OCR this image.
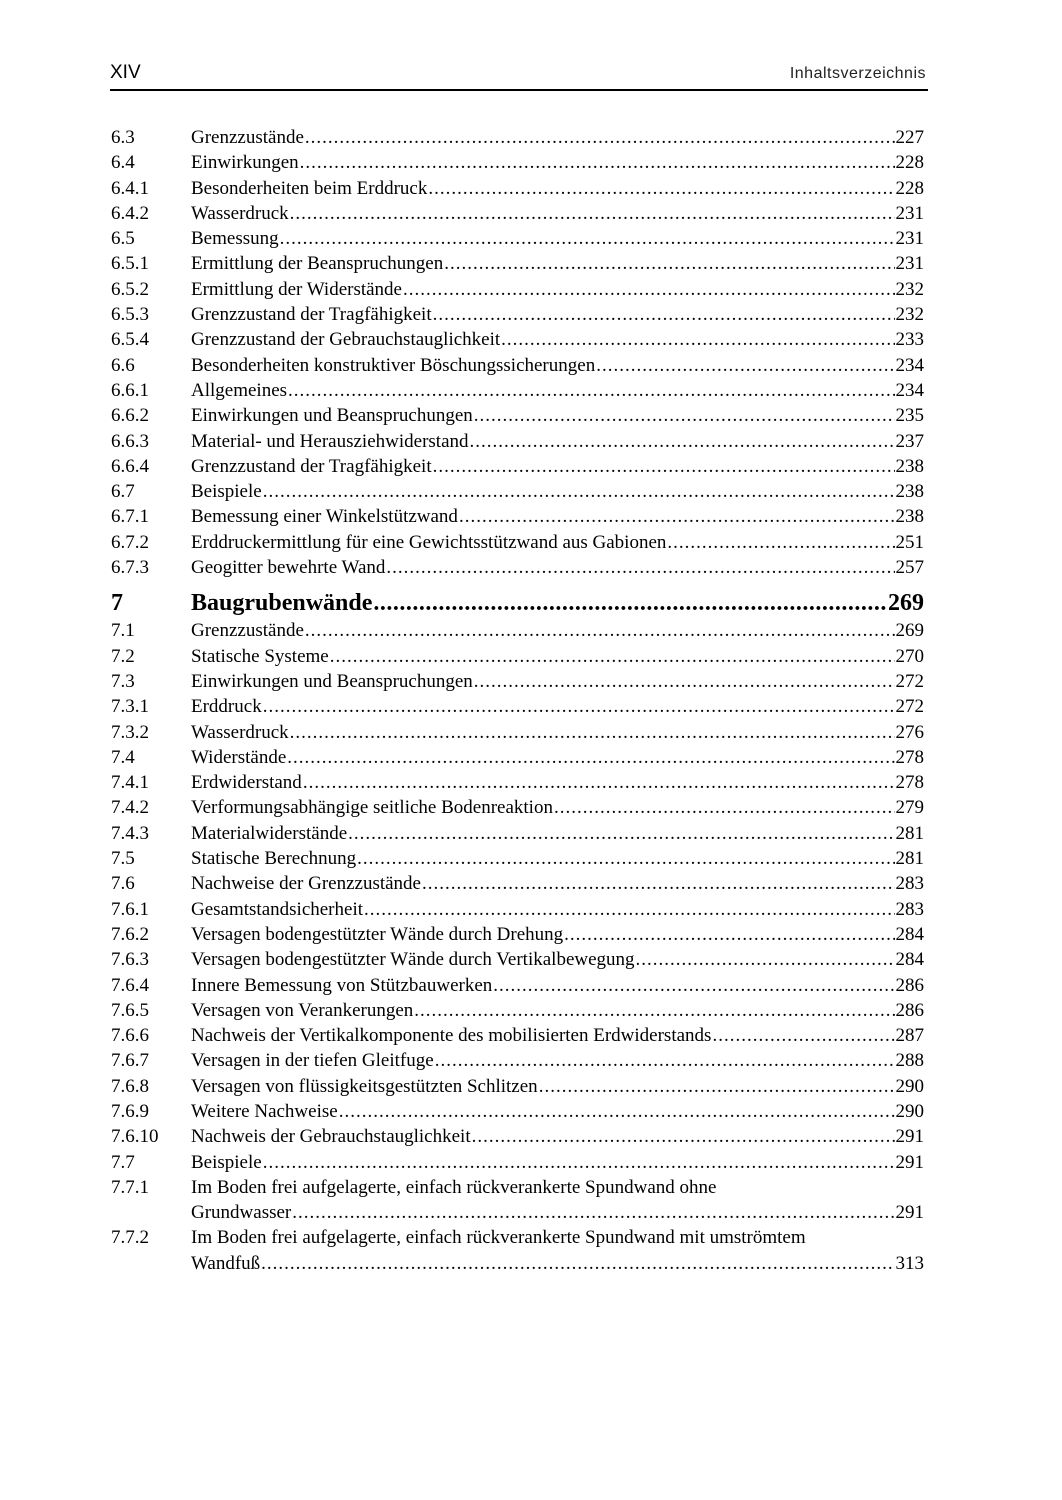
XIV	Inhaltsverzeichnis
6.3	Grenzzustände .....	227
6.4	Einwirkungen .....	228
6.4.1 Besonderheiten beim Erddruck .....	228
6.4.2 Wasserdruck .....	231
6.5	Bemessung .....	231
6.5.1 Ermittlung der Beanspruchungen .....	231
6.5.2 Ermittlung der Widerstände .....	232
6.5.3 Grenzzustand der Tragfähigkeit .....	232
6.5.4 Grenzzustand der Gebrauchstauglichkeit .....	233
6.6	Besonderheiten konstruktiver Böschungssicherungen .....	234
6.6.1 Allgemeines .....	234
6.6.2 Einwirkungen und Beanspruchungen .....	235
6.6.3 Material- und Herausziehwiderstand .....	237
6.6.4 Grenzzustand der Tragfähigkeit .....	238
6.7	Beispiele .....	238
6.7.1 Bemessung einer Winkelstützwand .....	238
6.7.2 Erddruckermittlung für eine Gewichtsstützwand aus Gabionen .....	251
6.7.3 Geogitter bewehrte Wand .....	257
7	Baugrubenwände .....	269
7.1	Grenzzustände .....	269
7.2	Statische Systeme .....	270
7.3	Einwirkungen und Beanspruchungen .....	272
7.3.1 Erddruck .....	272
7.3.2 Wasserdruck .....	276
7.4	Widerstände .....	278
7.4.1 Erdwiderstand .....	278
7.4.2 Verformungsabhängige seitliche Bodenreaktion .....	279
7.4.3 Materialwiderstände .....	281
7.5	Statische Berechnung .....	281
7.6	Nachweise der Grenzzustände .....	283
7.6.1 Gesamtstandsicherheit .....	283
7.6.2 Versagen bodengestützter Wände durch Drehung .....	284
7.6.3 Versagen bodengestützter Wände durch Vertikalbewegung .....	284
7.6.4 Innere Bemessung von Stützbauwerken .....	286
7.6.5 Versagen von Verankerungen .....	286
7.6.6 Nachweis der Vertikalkomponente des mobilisierten Erdwiderstands .....	287
7.6.7 Versagen in der tiefen Gleitfuge .....	288
7.6.8 Versagen von flüssigkeitsgestützten Schlitzen .....	290
7.6.9 Weitere Nachweise .....	290
7.6.10 Nachweis der Gebrauchstauglichkeit .....	291
7.7	Beispiele .....	291
7.7.1 Im Boden frei aufgelagerte, einfach rückverankerte Spundwand ohne
Grundwasser .....	291
7.7.2 Im Boden frei aufgelagerte, einfach rückverankerte Spundwand mit umströmtem
Wandfuß .....	313
